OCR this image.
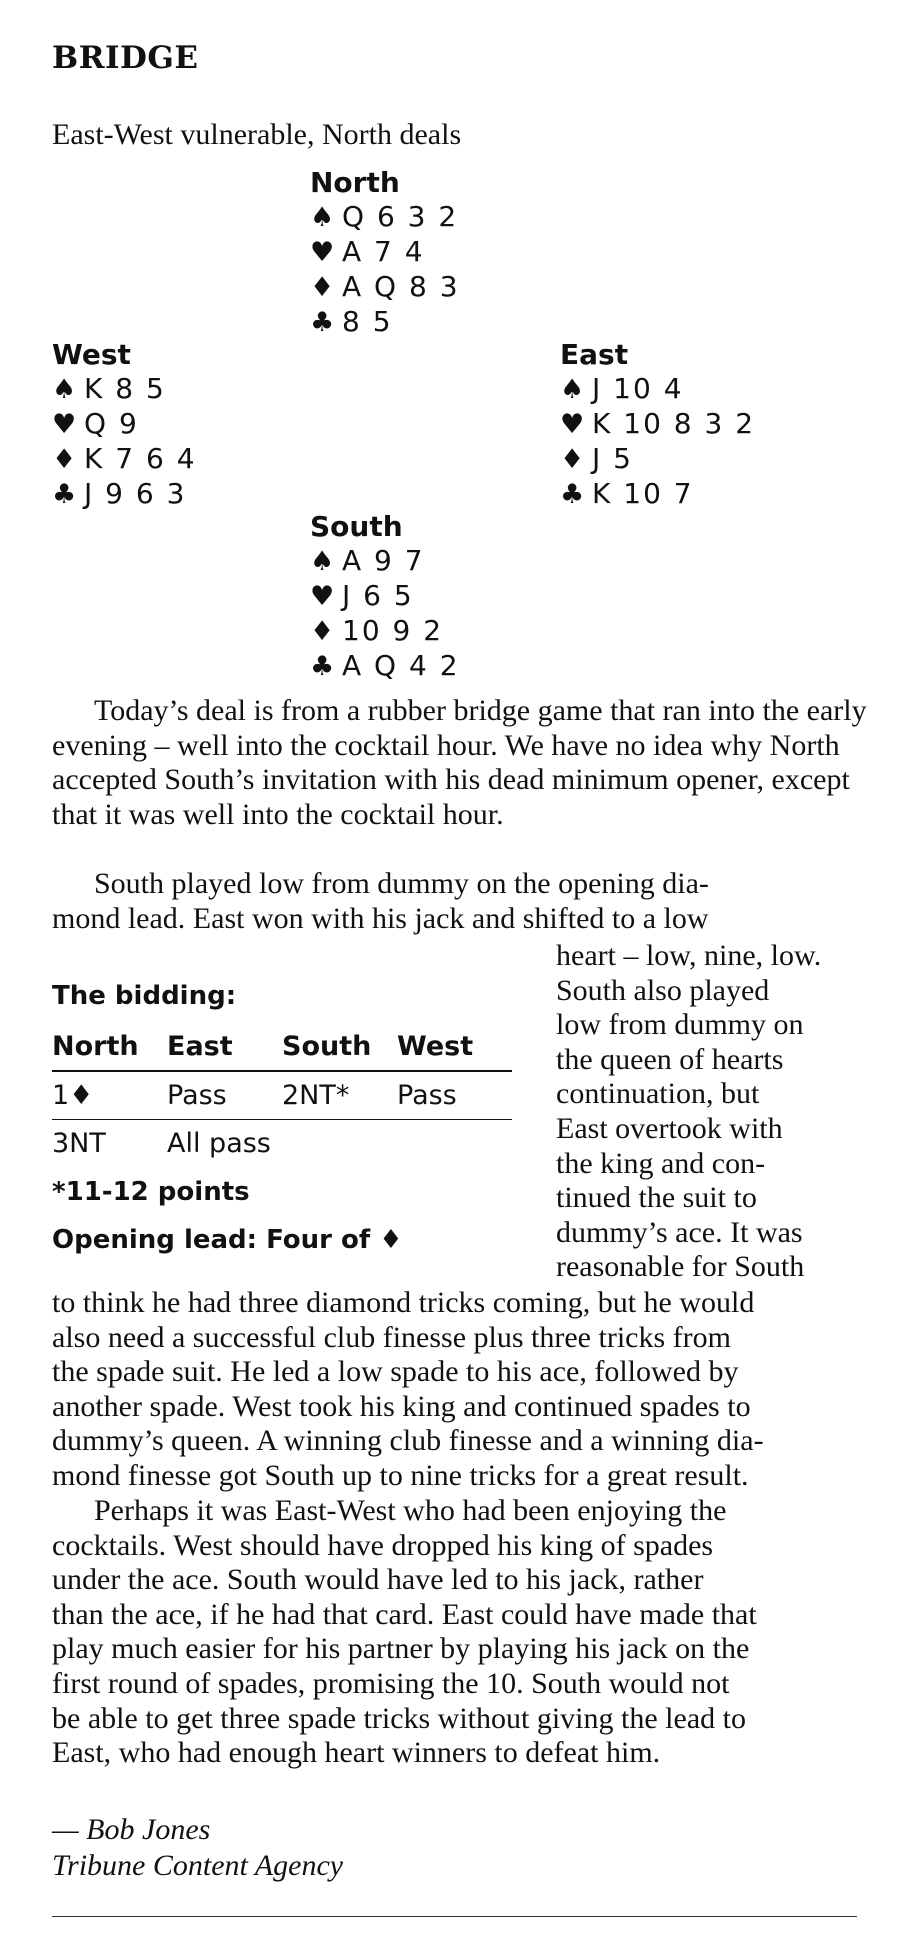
BRIDGE
East-West vulnerable, North deals
North
♠ Q 6 3 2
♥ A 7 4
♦ A Q 8 3
♣ 8 5
West
♠ K 8 5
♥ Q 9
♦ K 7 6 4
♣ J 9 6 3
East
♠ J 10 4
♥ K 10 8 3 2
♦ J 5
♣ K 10 7
South
♠ A 9 7
♥ J 6 5
♦ 10 9 2
♣ A Q 4 2
Today’s deal is from a rubber bridge game that ran into the early evening – well into the cocktail hour. We have no idea why North accepted South’s invitation with his dead minimum opener, except that it was well into the cocktail hour.
South played low from dummy on the opening dia-
mond lead. East won with his jack and shifted to a low
heart – low, nine, low.
South also played
low from dummy on
the queen of hearts
continuation, but
East overtook with
the king and con-
tinued the suit to
dummy’s ace. It was
reasonable for South
The bidding:
North	East	South	West
1♦	Pass	2NT*	Pass
3NT	All pass		
*11-12 points
Opening lead: Four of ♦
to think he had three diamond tricks coming, but he would
also need a successful club finesse plus three tricks from
the spade suit. He led a low spade to his ace, followed by
another spade. West took his king and continued spades to
dummy’s queen. A winning club finesse and a winning dia-
mond finesse got South up to nine tricks for a great result.
Perhaps it was East-West who had been enjoying the
cocktails. West should have dropped his king of spades
under the ace. South would have led to his jack, rather
than the ace, if he had that card. East could have made that
play much easier for his partner by playing his jack on the
first round of spades, promising the 10. South would not
be able to get three spade tricks without giving the lead to
East, who had enough heart winners to defeat him.
— Bob Jones
Tribune Content Agency
